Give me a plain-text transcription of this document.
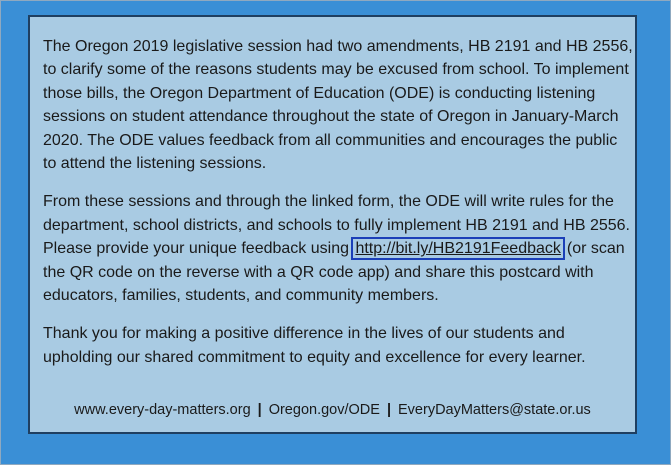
The Oregon 2019 legislative session had two amendments, HB 2191 and HB 2556, to clarify some of the reasons students may be excused from school. To implement those bills, the Oregon Department of Education (ODE) is conducting listening sessions on student attendance throughout the state of Oregon in January-March 2020. The ODE values feedback from all communities and encourages the public to attend the listening sessions.

From these sessions and through the linked form, the ODE will write rules for the department, school districts, and schools to fully implement HB 2191 and HB 2556. Please provide your unique feedback using http://bit.ly/HB2191Feedback (or scan the QR code on the reverse with a QR code app) and share this postcard with educators, families, students, and community members.

Thank you for making a positive difference in the lives of our students and upholding our shared commitment to equity and excellence for every learner.

www.every-day-matters.org | Oregon.gov/ODE | EveryDayMatters@state.or.us
